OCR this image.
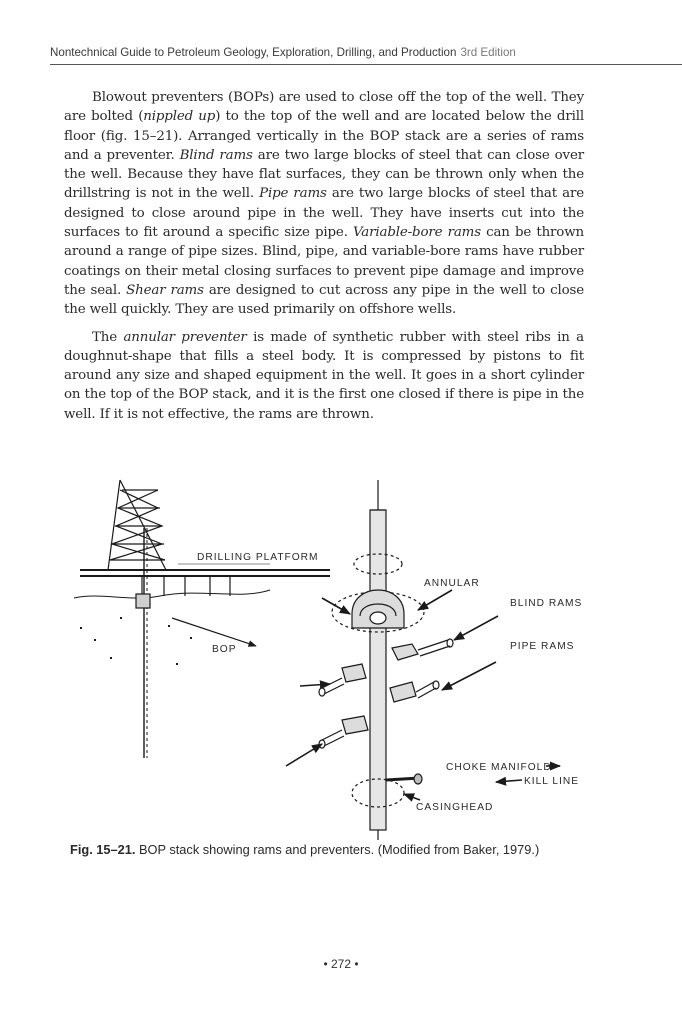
Nontechnical Guide to Petroleum Geology, Exploration, Drilling, and Production 3rd Edition

Blowout preventers (BOPs) are used to close off the top of the well. They are bolted (nippled up) to the top of the well and are located below the drill floor (fig. 15–21). Arranged vertically in the BOP stack are a series of rams and a preventer. Blind rams are two large blocks of steel that can close over the well. Because they have flat surfaces, they can be thrown only when the drillstring is not in the well. Pipe rams are two large blocks of steel that are designed to close around pipe in the well. They have inserts cut into the surfaces to fit around a specific size pipe. Variable-bore rams can be thrown around a range of pipe sizes. Blind, pipe, and variable-bore rams have rubber coatings on their metal closing surfaces to prevent pipe damage and improve the seal. Shear rams are designed to cut across any pipe in the well to close the well quickly. They are used primarily on offshore wells.

The annular preventer is made of synthetic rubber with steel ribs in a doughnut-shape that fills a steel body. It is compressed by pistons to fit around any size and shaped equipment in the well. It goes in a short cylinder on the top of the BOP stack, and it is the first one closed if there is pipe in the well. If it is not effective, the rams are thrown.

DRILLING PLATFORM
BOP
ANNULAR
BLIND RAMS
PIPE RAMS
CHOKE MANIFOLD
KILL LINE
CASINGHEAD
Fig. 15–21. BOP stack showing rams and preventers. (Modified from Baker, 1979.)
• 272 •
